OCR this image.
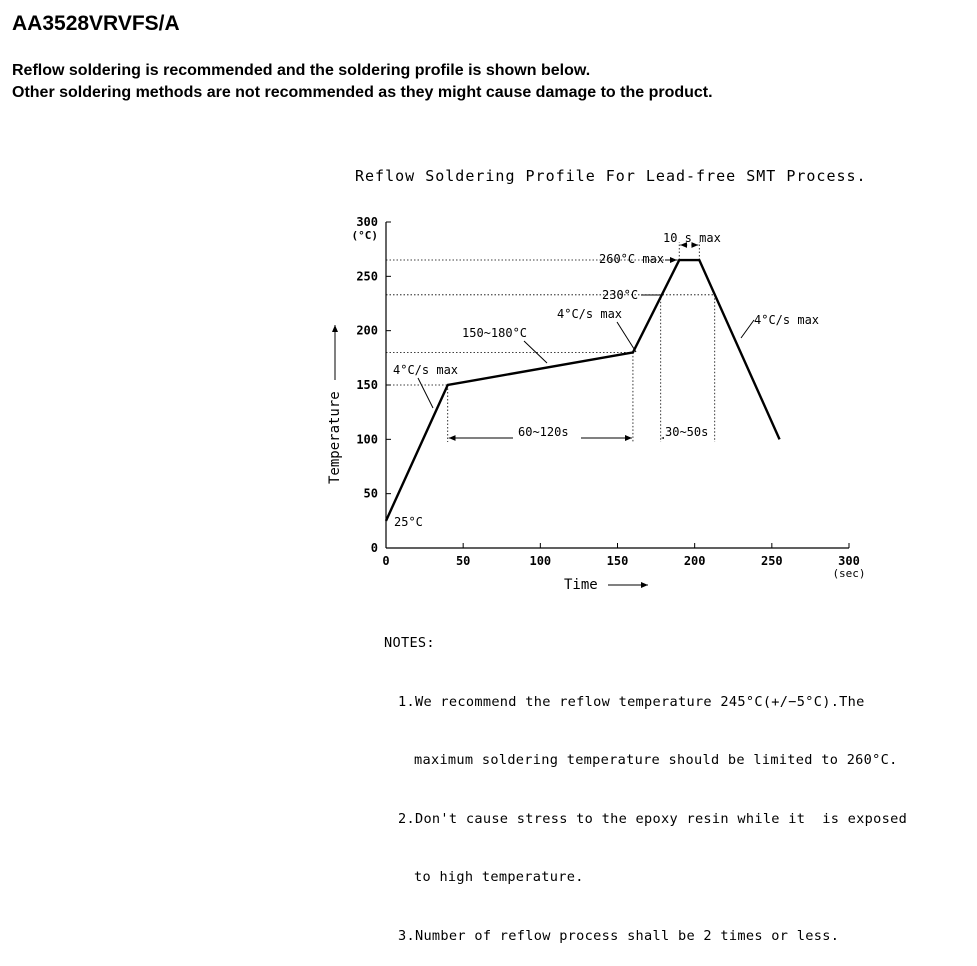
AA3528VRVFS/A
Reflow soldering is recommended and the soldering profile is shown below.
Other soldering methods are not recommended as they might cause damage to the product.
Reflow Soldering Profile For Lead-free SMT Process.
0
50
100
150
200
250
300
(°C)
0	50	100	150	200	250	300
(sec)
Time
Temperature
25°C
4°C/s max
150~180°C
4°C/s max
260°C max
230°C
4°C/s max
60~120s	30~50s
10 s max

NOTES:

1.We recommend the reflow temperature 245°C(+/−5°C).The

maximum soldering temperature should be limited to 260°C.

2.Don't cause stress to the epoxy resin while it  is exposed

to high temperature.

3.Number of reflow process shall be 2 times or less.
